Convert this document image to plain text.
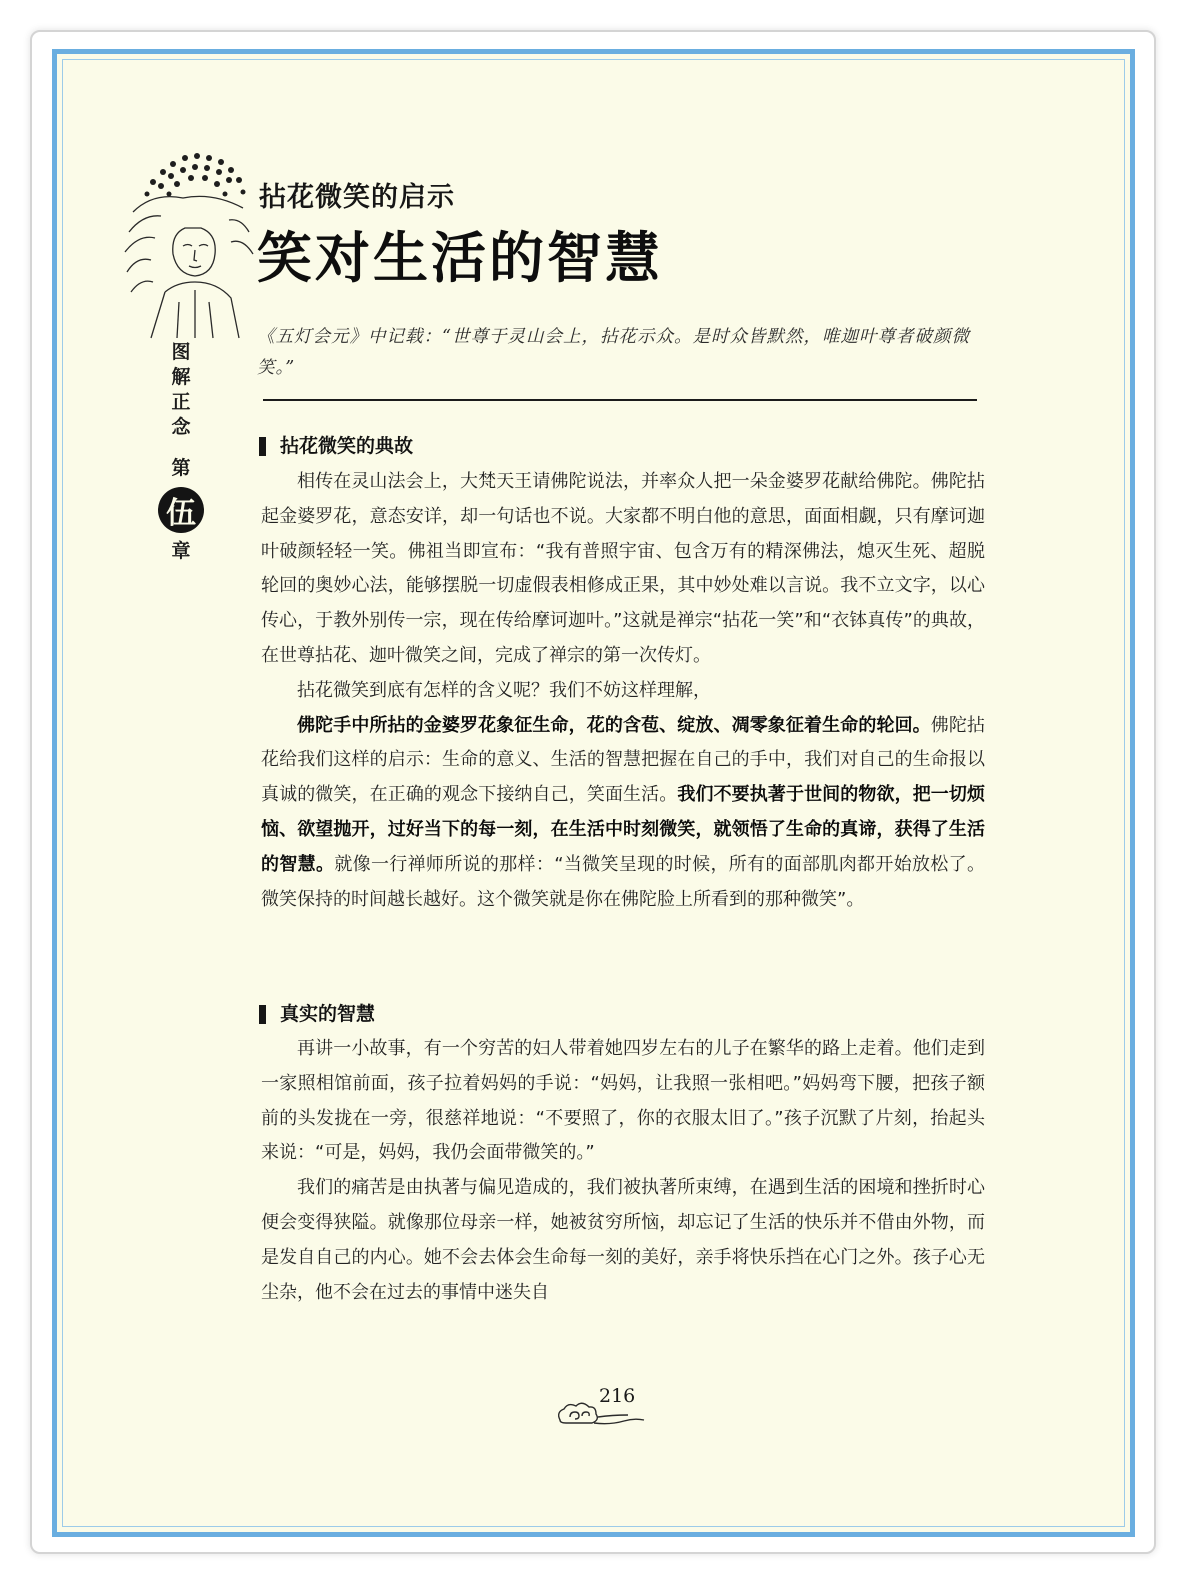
拈花微笑的启示
笑对生活的智慧
图
解
正
念
第
伍
章

《五灯会元》中记载：“世尊于灵山会上，拈花示众。是时众皆默然，唯迦叶尊者破颜微笑。”

拈花微笑的典故

相传在灵山法会上，大梵天王请佛陀说法，并率众人把一朵金婆罗花献给佛陀。佛陀拈起金婆罗花，意态安详，却一句话也不说。大家都不明白他的意思，面面相觑，只有摩诃迦叶破颜轻轻一笑。佛祖当即宣布：“我有普照宇宙、包含万有的精深佛法，熄灭生死、超脱轮回的奥妙心法，能够摆脱一切虚假表相修成正果，其中妙处难以言说。我不立文字，以心传心，于教外别传一宗，现在传给摩诃迦叶。”这就是禅宗“拈花一笑”和“衣钵真传”的典故，在世尊拈花、迦叶微笑之间，完成了禅宗的第一次传灯。

拈花微笑到底有怎样的含义呢？我们不妨这样理解，

佛陀手中所拈的金婆罗花象征生命，花的含苞、绽放、凋零象征着生命的轮回。佛陀拈花给我们这样的启示：生命的意义、生活的智慧把握在自己的手中，我们对自己的生命报以真诚的微笑，在正确的观念下接纳自己，笑面生活。我们不要执著于世间的物欲，把一切烦恼、欲望抛开，过好当下的每一刻，在生活中时刻微笑，就领悟了生命的真谛，获得了生活的智慧。就像一行禅师所说的那样：“当微笑呈现的时候，所有的面部肌肉都开始放松了。微笑保持的时间越长越好。这个微笑就是你在佛陀脸上所看到的那种微笑”。

真实的智慧

再讲一小故事，有一个穷苦的妇人带着她四岁左右的儿子在繁华的路上走着。他们走到一家照相馆前面，孩子拉着妈妈的手说：“妈妈，让我照一张相吧。”妈妈弯下腰，把孩子额前的头发拢在一旁，很慈祥地说：“不要照了，你的衣服太旧了。”孩子沉默了片刻，抬起头来说：“可是，妈妈，我仍会面带微笑的。”

我们的痛苦是由执著与偏见造成的，我们被执著所束缚，在遇到生活的困境和挫折时心便会变得狭隘。就像那位母亲一样，她被贫穷所恼，却忘记了生活的快乐并不借由外物，而是发自自己的内心。她不会去体会生命每一刻的美好，亲手将快乐挡在心门之外。孩子心无尘杂，他不会在过去的事情中迷失自

216
